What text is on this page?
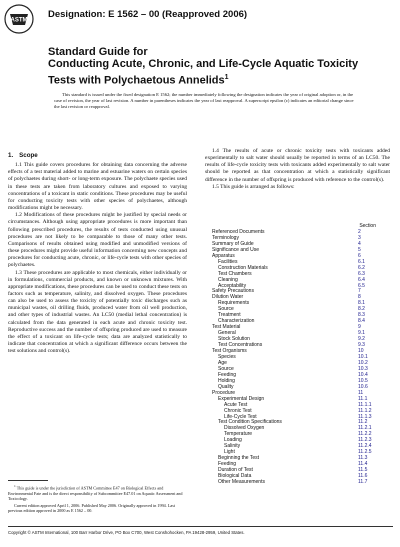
ASTM
Designation: E 1562 – 00 (Reapproved 2006)
Standard Guide for

Conducting Acute, Chronic, and Life-Cycle Aquatic Toxicity

Tests with Polychaetous Annelids$^1$

This standard is issued under the fixed designation E 1562; the number immediately following the designation indicates the year of original adoption or, in the case of revision, the year of last revision. A number in parentheses indicates the year of last reapproval. A superscript epsilon (ε) indicates an editorial change since the last revision or reapproval.
1. Scope

1.1 This guide covers procedures for obtaining data concerning the adverse effects of a test material added to marine and estuarine waters on certain species of polychaetes during short- or long-term exposure. The polychaete species used in these tests are taken from laboratory cultures and exposed to varying concentrations of a toxicant in static conditions. These procedures may be useful for conducting toxicity tests with other species of polychaetes, although modifications might be necessary.

1.2 Modifications of these procedures might be justified by special needs or circumstances. Although using appropriate procedures is more important than following prescribed procedures, the results of tests conducted using unusual procedures are not likely to be comparable to those of many other tests. Comparisons of results obtained using modified and unmodified versions of these procedures might provide useful information concerning new concepts and procedures for conducting acute, chronic, or life-cycle tests with other species of polychaetes.

1.3 These procedures are applicable to most chemicals, either individually or in formulations, commercial products, and known or unknown mixtures. With appropriate modifications, these procedures can be used to conduct these tests on factors such as temperature, salinity, and dissolved oxygen. These procedures can also be used to assess the toxicity of potentially toxic discharges such as municipal wastes, oil drilling fluids, produced water from oil well production, and other types of industrial wastes. An LC50 (medial lethal concentration) is calculated from the data generated in each acute and chronic toxicity test. Reproductive success and the number of offspring produced are used to measure the effect of a toxicant on life-cycle tests; data are analyzed statistically to indicate that concentration at which a significant difference occurs between the test solutions and control(s).

1.4 The results of acute or chronic toxicity tests with toxicants added experimentally to salt water should usually be reported in terms of an LC50. The results of life-cycle toxicity tests with toxicants added experimentally to salt water should be reported as that concentration at which a statistically significant difference in the number of offspring is produced with reference to the control(s).

1.5 This guide is arranged as follows:

Section
Referenced Documents	2
Terminology	3
Summary of Guide	4
Significance and Use	5
Apparatus	6
Facilities	6.1
Construction Materials	6.2
Test Chambers	6.3
Cleaning	6.4
Acceptability	6.5
Safety Precautions	7
Dilution Water	8
Requirements	8.1
Source	8.2
Treatment	8.3
Characterization	8.4
Test Material	9
General	9.1
Stock Solution	9.2
Test Concentrations	9.3
Test Organisms	10
Species	10.1
Age	10.2
Source	10.3
Feeding	10.4
Holding	10.5
Quality	10.6
Procedure	11
Experimental Design	11.1
Acute Test	11.1.1
Chronic Test	11.1.2
Life-Cycle Test	11.1.3
Test Condition Specifications	11.2
Dissolved Oxygen	11.2.1
Temperature	11.2.2
Loading	11.2.3
Salinity	11.2.4
Light	11.2.5
Beginning the Test	11.3
Feeding	11.4
Duration of Test	11.5
Biological Data	11.6
Other Measurements	11.7

$^1$ This guide is under the jurisdiction of ASTM Committee E47 on Biological Effects and Environmental Fate and is the direct responsibility of Subcommittee E47.01 on Aquatic Assessment and Toxicology.

Current edition approved April 1, 2006. Published May 2006. Originally approved in 1994. Last previous edition approved in 2000 as E 1562 – 00.

Copyright © ASTM International, 100 Barr Harbor Drive, PO Box C700, West Conshohocken, PA 19428-2959, United States.
